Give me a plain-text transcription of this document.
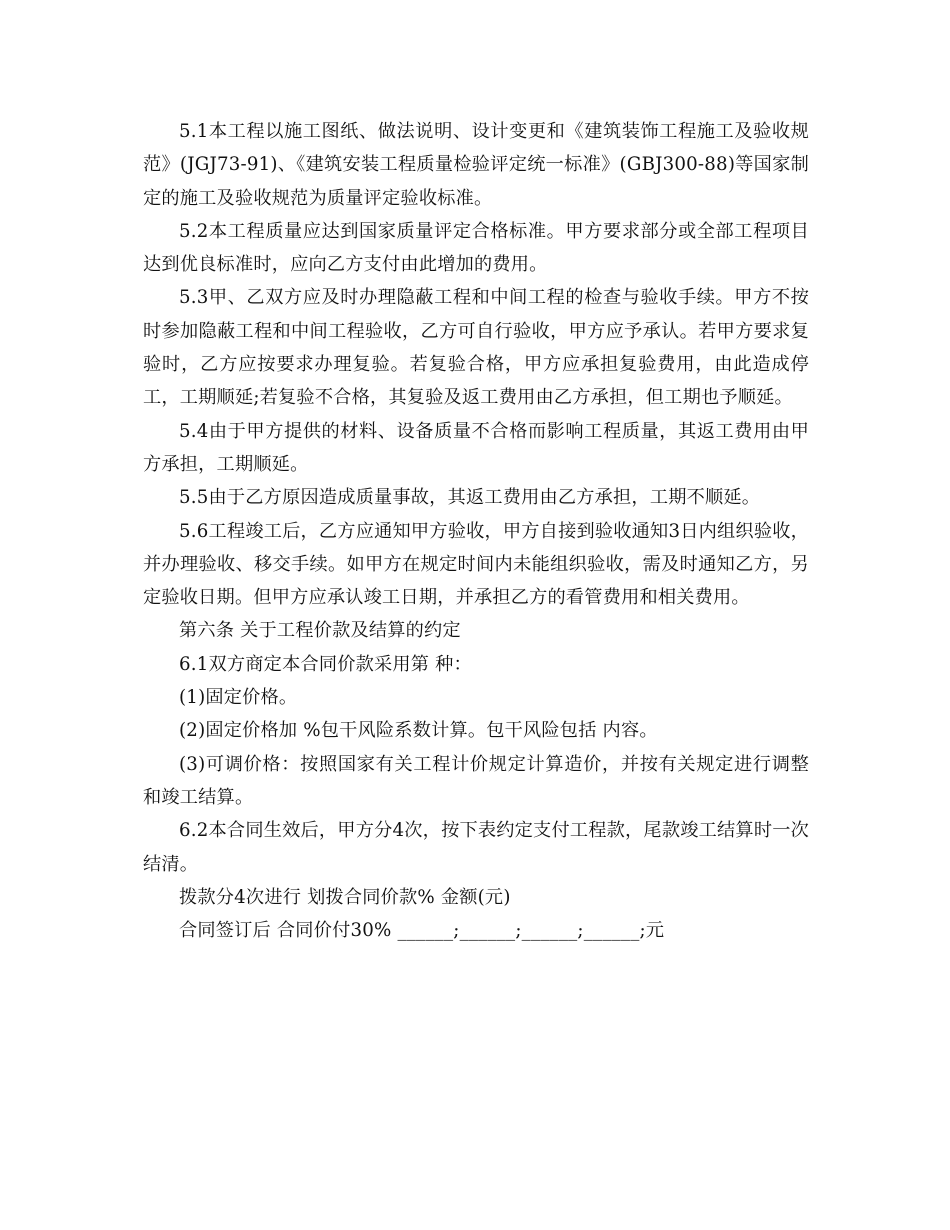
5.1本工程以施工图纸、做法说明、设计变更和《建筑装饰工程施工及验收规范》(JGJ73-91)、《建筑安装工程质量检验评定统一标准》(GBJ300-88)等国家制定的施工及验收规范为质量评定验收标准。

5.2本工程质量应达到国家质量评定合格标准。甲方要求部分或全部工程项目达到优良标准时，应向乙方支付由此增加的费用。

5.3甲、乙双方应及时办理隐蔽工程和中间工程的检查与验收手续。甲方不按时参加隐蔽工程和中间工程验收，乙方可自行验收，甲方应予承认。若甲方要求复验时，乙方应按要求办理复验。若复验合格，甲方应承担复验费用，由此造成停工，工期顺延;若复验不合格，其复验及返工费用由乙方承担，但工期也予顺延。

5.4由于甲方提供的材料、设备质量不合格而影响工程质量，其返工费用由甲方承担，工期顺延。

5.5由于乙方原因造成质量事故，其返工费用由乙方承担，工期不顺延。

5.6工程竣工后，乙方应通知甲方验收，甲方自接到验收通知3日内组织验收，并办理验收、移交手续。如甲方在规定时间内未能组织验收，需及时通知乙方，另定验收日期。但甲方应承认竣工日期，并承担乙方的看管费用和相关费用。

第六条 关于工程价款及结算的约定

6.1双方商定本合同价款采用第 种：

(1)固定价格。

(2)固定价格加 %包干风险系数计算。包干风险包括 内容。

(3)可调价格：按照国家有关工程计价规定计算造价，并按有关规定进行调整和竣工结算。

6.2本合同生效后，甲方分4次，按下表约定支付工程款，尾款竣工结算时一次结清。

拨款分4次进行 划拨合同价款% 金额(元)

合同签订后 合同价付30% ______;______;______;______;元
